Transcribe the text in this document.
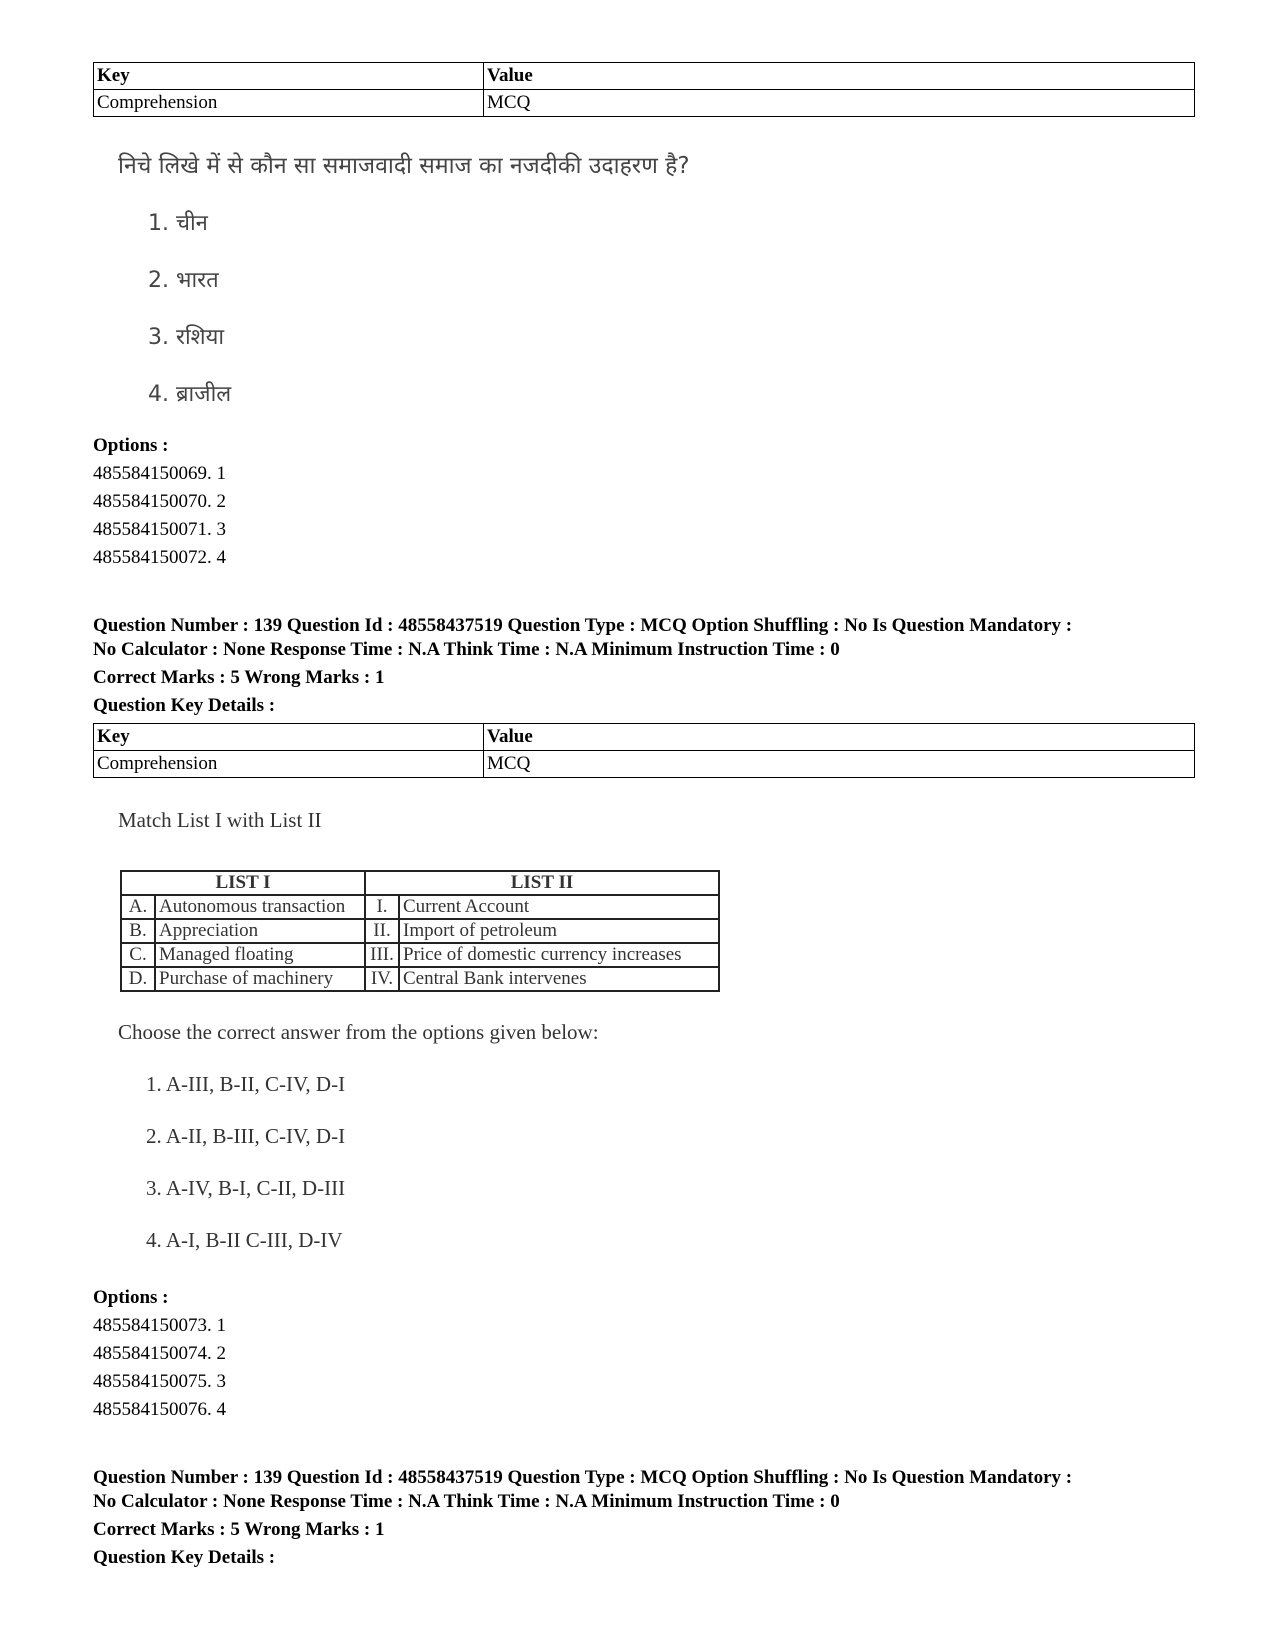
Key	Value
Comprehension	MCQ
निचे लिखे में से कौन सा समाजवादी समाज का नजदीकी उदाहरण है?
1. चीन
2. भारत
3. रशिया
4. ब्राजील
Options :
485584150069. 1
485584150070. 2
485584150071. 3
485584150072. 4
Question Number : 139 Question Id : 48558437519 Question Type : MCQ Option Shuffling : No Is Question Mandatory :
No Calculator : None Response Time : N.A Think Time : N.A Minimum Instruction Time : 0
Correct Marks : 5 Wrong Marks : 1
Question Key Details :
Key	Value
Comprehension	MCQ
Match List I with List II
LIST I		LIST II	
A.	Autonomous transaction	I.	Current Account
B.	Appreciation	II.	Import of petroleum
C.	Managed floating	III.	Price of domestic currency increases
D.	Purchase of machinery	IV.	Central Bank intervenes
Choose the correct answer from the options given below:
1. A-III, B-II, C-IV, D-I
2. A-II, B-III, C-IV, D-I
3. A-IV, B-I, C-II, D-III
4. A-I, B-II C-III, D-IV
Options :
485584150073. 1
485584150074. 2
485584150075. 3
485584150076. 4
Question Number : 139 Question Id : 48558437519 Question Type : MCQ Option Shuffling : No Is Question Mandatory :
No Calculator : None Response Time : N.A Think Time : N.A Minimum Instruction Time : 0
Correct Marks : 5 Wrong Marks : 1
Question Key Details :
